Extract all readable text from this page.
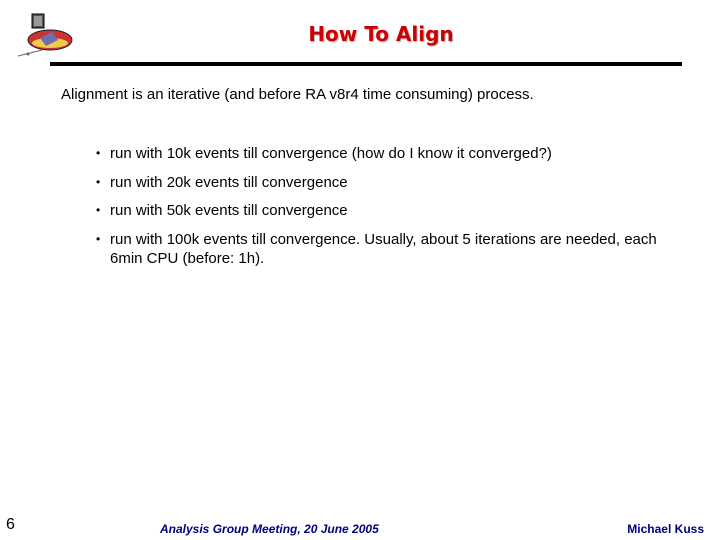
How To Align
Alignment is an iterative (and before RA v8r4 time consuming) process.
• run with 10k events till convergence (how do I know it converged?)
• run with 20k events till convergence
• run with 50k events till convergence
• run with 100k events till convergence. Usually, about 5 iterations are needed, each 6min CPU (before: 1h).
6	Analysis Group Meeting, 20 June 2005	Michael Kuss
